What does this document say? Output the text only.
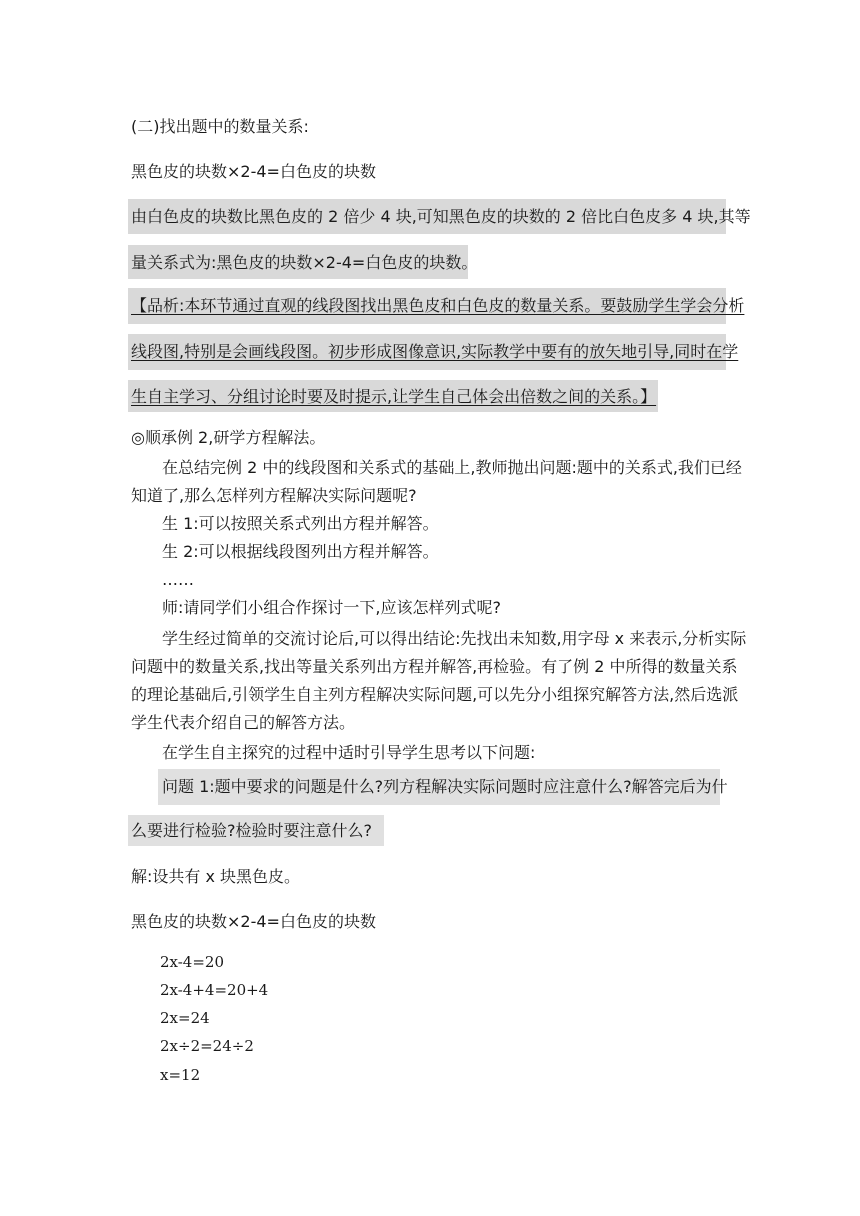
(二)找出题中的数量关系:
黑色皮的块数×2-4=白色皮的块数
由白色皮的块数比黑色皮的 2 倍少 4 块,可知黑色皮的块数的 2 倍比白色皮多 4 块,其等
量关系式为:黑色皮的块数×2-4=白色皮的块数。
【品析:本环节通过直观的线段图找出黑色皮和白色皮的数量关系。要鼓励学生学会分析
线段图,特别是会画线段图。初步形成图像意识,实际教学中要有的放矢地引导,同时在学
生自主学习、分组讨论时要及时提示,让学生自己体会出倍数之间的关系。】
◎顺承例 2,研学方程解法。
在总结完例 2 中的线段图和关系式的基础上,教师抛出问题:题中的关系式,我们已经
知道了,那么怎样列方程解决实际问题呢?
生 1:可以按照关系式列出方程并解答。
生 2:可以根据线段图列出方程并解答。
……
师:请同学们小组合作探讨一下,应该怎样列式呢?
学生经过简单的交流讨论后,可以得出结论:先找出未知数,用字母 x 来表示,分析实际
问题中的数量关系,找出等量关系列出方程并解答,再检验。有了例 2 中所得的数量关系
的理论基础后,引领学生自主列方程解决实际问题,可以先分小组探究解答方法,然后选派
学生代表介绍自己的解答方法。
在学生自主探究的过程中适时引导学生思考以下问题:
问题 1:题中要求的问题是什么?列方程解决实际问题时应注意什么?解答完后为什
么要进行检验?检验时要注意什么?
解:设共有 x 块黑色皮。
黑色皮的块数×2-4=白色皮的块数
2x-4=20
2x-4+4=20+4
2x=24
2x÷2=24÷2
x=12
